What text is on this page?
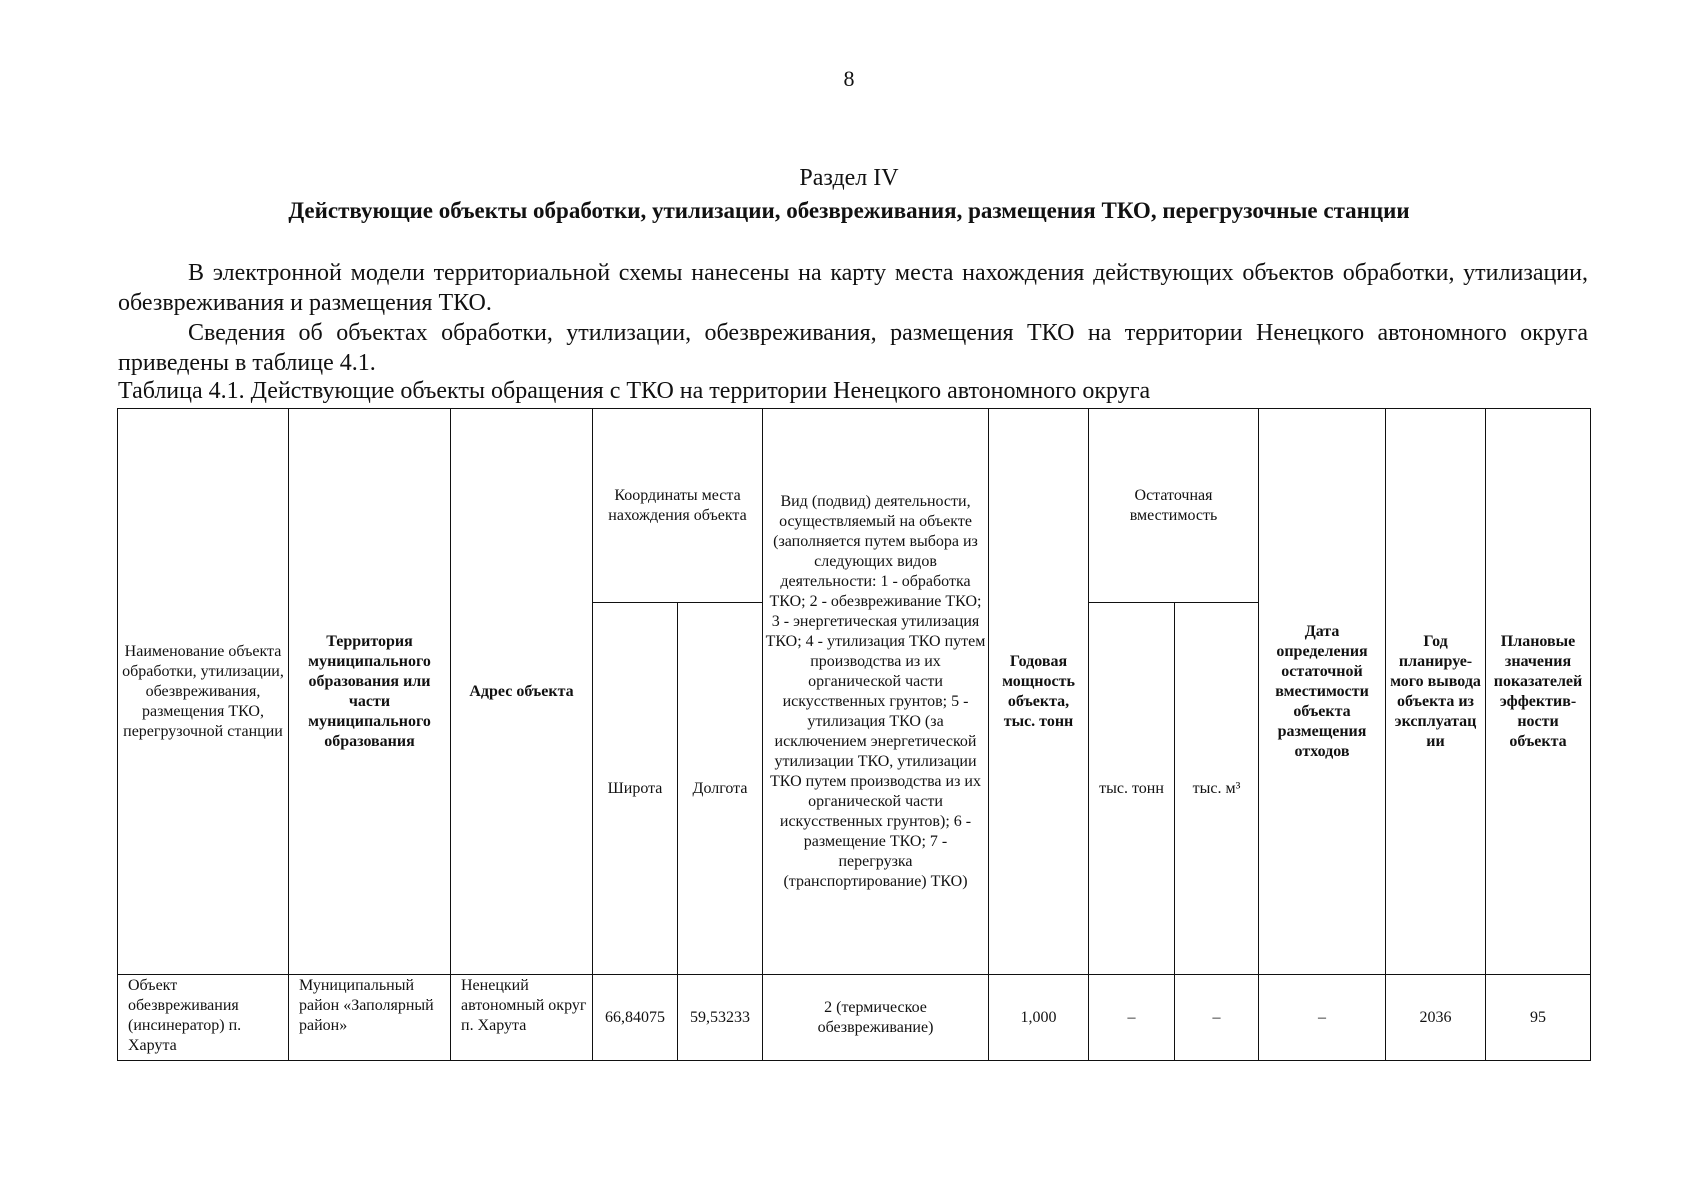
8
Раздел IV
Действующие объекты обработки, утилизации, обезвреживания, размещения ТКО, перегрузочные станции

В электронной модели территориальной схемы нанесены на карту места нахождения действующих объектов обработки, утилизации, обезвреживания и размещения ТКО.

Сведения об объектах обработки, утилизации, обезвреживания, размещения ТКО на территории Ненецкого автономного округа приведены в таблице 4.1.

Таблица 4.1. Действующие объекты обращения с ТКО на территории Ненецкого автономного округа
Наименование объекта обработки, утилизации, обезвреживания, размещения ТКО, перегрузочной станции	Территория муниципального образования или части муниципального образования	Адрес объекта	Координаты места нахождения объекта		Вид (подвид) деятельности, осуществляемый на объекте (заполняется путем выбора из следующих видов деятельности: 1 - обработка ТКО; 2 - обезвреживание ТКО; 3 - энергетическая утилизация ТКО; 4 - утилизация ТКО путем производства из их органической части искусственных грунтов; 5 - утилизация ТКО (за исключением энергетической утилизации ТКО, утилизации ТКО путем производства из их органической части искусственных грунтов); 6 - размещение ТКО; 7 - перегрузка (транспортирование) ТКО)	Годовая мощность объекта, тыс. тонн	Остаточная вместимость		Дата определения остаточной вместимости объекта размещения отходов	Год планируе-мого вывода объекта из эксплуатац ии	Плановые значения показателей эффектив-ности объекта
			Широта	Долгота			тыс. тонн	тыс. м³			
Объект обезвреживания (инсинератор) п. Харута	Муниципальный район «Заполярный район»	Ненецкий автономный округ п. Харута	66,84075	59,53233	2 (термическое обезвреживание)	1,000	–	–	–	2036	95
